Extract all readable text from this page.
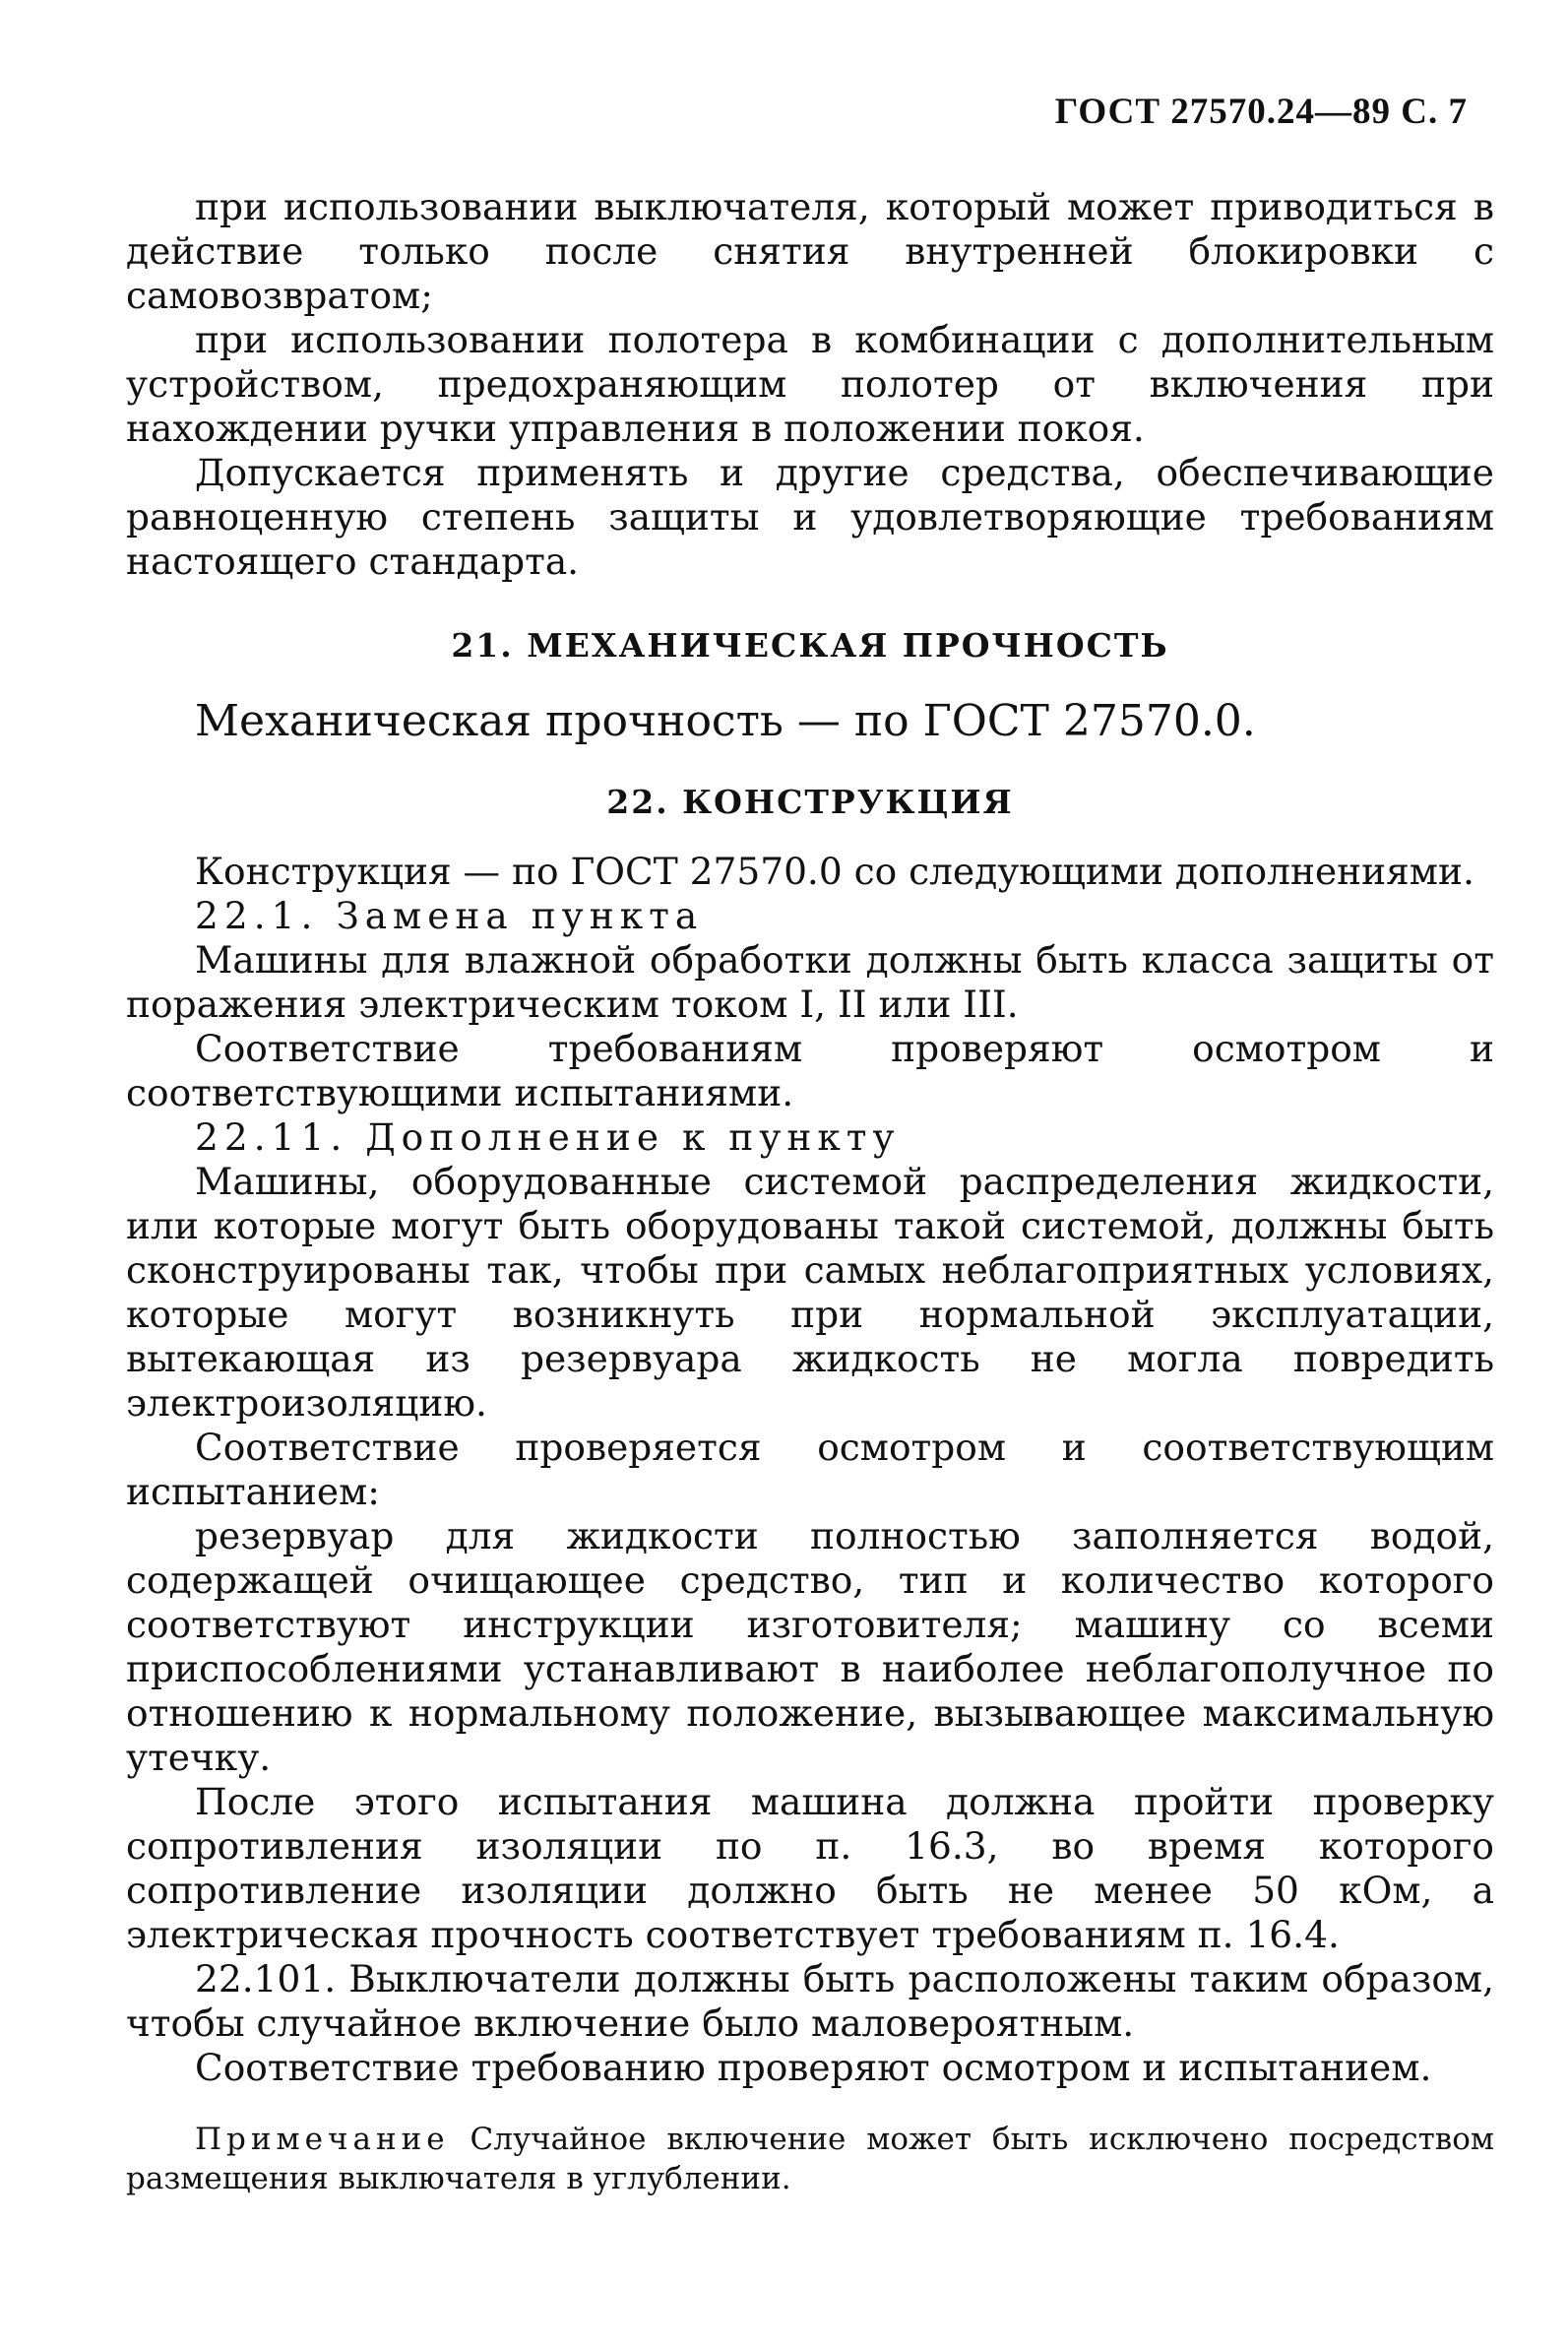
ГОСТ 27570.24—89 С. 7

при использовании выключателя, который может приводиться в действие только после снятия внутренней блокировки с самовозвратом;

при использовании полотера в комбинации с дополнительным устройством, предохраняющим полотер от включения при нахождении ручки управления в положении покоя.

Допускается применять и другие средства, обеспечивающие равноценную степень защиты и удовлетворяющие требованиям настоящего стандарта.

21. МЕХАНИЧЕСКАЯ ПРОЧНОСТЬ

Механическая прочность — по ГОСТ 27570.0.

22. КОНСТРУКЦИЯ

Конструкция — по ГОСТ 27570.0 со следующими дополнениями.

22.1. Замена пункта

Машины для влажной обработки должны быть класса защиты от поражения электрическим током I, II или III.

Соответствие требованиям проверяют осмотром и соответствующими испытаниями.

22.11. Дополнение к пункту

Машины, оборудованные системой распределения жидкости, или которые могут быть оборудованы такой системой, должны быть сконструированы так, чтобы при самых неблагоприятных условиях, которые могут возникнуть при нормальной эксплуатации, вытекающая из резервуара жидкость не могла повредить электроизоляцию.

Соответствие проверяется осмотром и соответствующим испытанием:

резервуар для жидкости полностью заполняется водой, содержащей очищающее средство, тип и количество которого соответствуют инструкции изготовителя; машину со всеми приспособлениями устанавливают в наиболее неблагополучное по отношению к нормальному положение, вызывающее максимальную утечку.

После этого испытания машина должна пройти проверку сопротивления изоляции по п. 16.3, во время которого сопротивление изоляции должно быть не менее 50 кОм, а электрическая прочность соответствует требованиям п. 16.4.

22.101. Выключатели должны быть расположены таким образом, чтобы случайное включение было маловероятным.

Соответствие требованию проверяют осмотром и испытанием.

Примечание Случайное включение может быть исключено посредством размещения выключателя в углублении.
